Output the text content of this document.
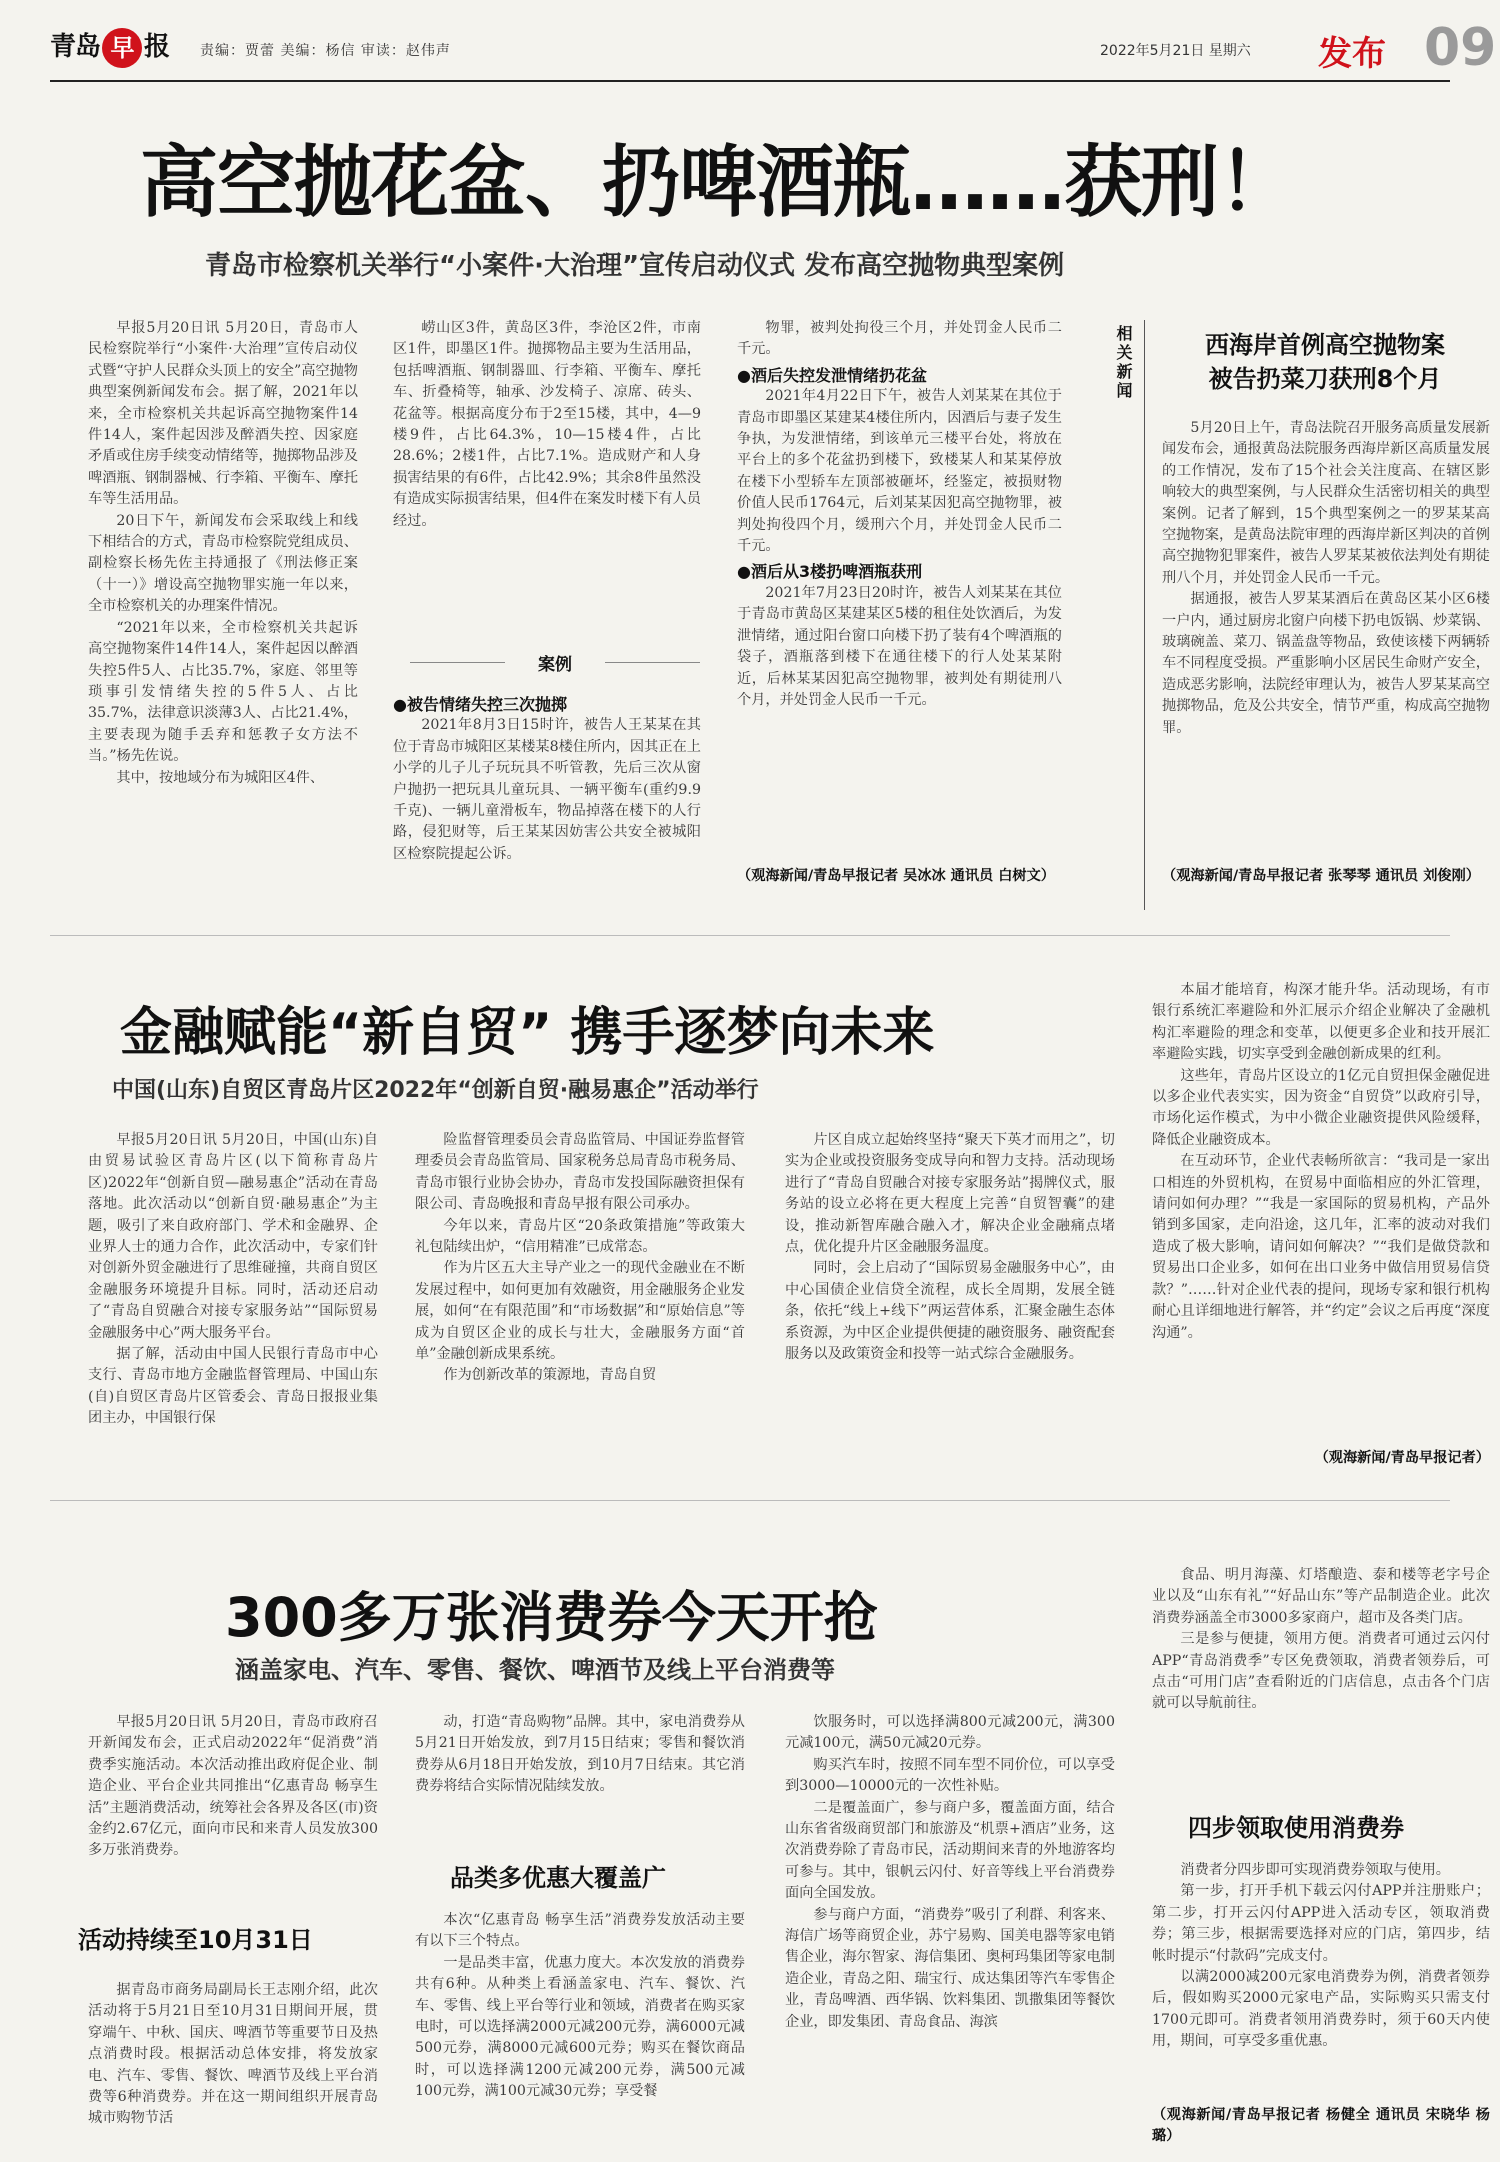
青岛 早 报 责编：贾蕾 美编：杨信 审读：赵伟声	2022年5月21日 星期六 发布 09
高空抛花盆、扔啤酒瓶……获刑！
青岛市检察机关举行“小案件·大治理”宣传启动仪式 发布高空抛物典型案例

早报5月20日讯 5月20日，青岛市人民检察院举行“小案件·大治理”宣传启动仪式暨“守护人民群众头顶上的安全”高空抛物典型案例新闻发布会。据了解，2021年以来，全市检察机关共起诉高空抛物案件14件14人，案件起因涉及醉酒失控、因家庭矛盾或住房手续变动情绪等，抛掷物品涉及啤酒瓶、钢制器械、行李箱、平衡车、摩托车等生活用品。

20日下午，新闻发布会采取线上和线下相结合的方式，青岛市检察院党组成员、副检察长杨先佐主持通报了《刑法修正案（十一）》增设高空抛物罪实施一年以来，全市检察机关的办理案件情况。

“2021年以来，全市检察机关共起诉高空抛物案件14件14人，案件起因以醉酒失控5件5人、占比35.7%，家庭、邻里等琐事引发情绪失控的5件5人、占比35.7%，法律意识淡薄3人、占比21.4%，主要表现为随手丢弃和惩教子女方法不当。”杨先佐说。

其中，按地域分布为城阳区4件、

崂山区3件，黄岛区3件，李沧区2件，市南区1件，即墨区1件。抛掷物品主要为生活用品，包括啤酒瓶、钢制器皿、行李箱、平衡车、摩托车、折叠椅等，轴承、沙发椅子、凉席、砖头、花盆等。根据高度分布于2至15楼，其中，4—9楼9件，占比64.3%，10—15楼4件，占比28.6%；2楼1件，占比7.1%。造成财产和人身损害结果的有6件，占比42.9%；其余8件虽然没有造成实际损害结果，但4件在案发时楼下有人员经过。

案例

●被告情绪失控三次抛掷

2021年8月3日15时许，被告人王某某在其位于青岛市城阳区某楼某8楼住所内，因其正在上小学的儿子儿子玩玩具不听管教，先后三次从窗户抛扔一把玩具儿童玩具、一辆平衡车(重约9.9千克)、一辆儿童滑板车，物品掉落在楼下的人行路，侵犯财等，后王某某因妨害公共安全被城阳区检察院提起公诉。

物罪，被判处拘役三个月，并处罚金人民币二千元。

●酒后失控发泄情绪扔花盆

2021年4月22日下午，被告人刘某某在其位于青岛市即墨区某建某4楼住所内，因酒后与妻子发生争执，为发泄情绪，到该单元三楼平台处，将放在平台上的多个花盆扔到楼下，致楼某人和某某停放在楼下小型轿车左顶部被砸坏，经鉴定，被损财物价值人民币1764元，后刘某某因犯高空抛物罪，被判处拘役四个月，缓刑六个月，并处罚金人民币二千元。

●酒后从3楼扔啤酒瓶获刑

2021年7月23日20时许，被告人刘某某在其位于青岛市黄岛区某建某区5楼的租住处饮酒后，为发泄情绪，通过阳台窗口向楼下扔了装有4个啤酒瓶的袋子，酒瓶落到楼下在通往楼下的行人处某某附近，后林某某因犯高空抛物罪，被判处有期徒刑八个月，并处罚金人民币一千元。

（观海新闻/青岛早报记者 吴冰冰 通讯员 白树文）
相关新闻	西海岸首例高空抛物案
被告扔菜刀获刑8个月

5月20日上午，青岛法院召开服务高质量发展新闻发布会，通报黄岛法院服务西海岸新区高质量发展的工作情况，发布了15个社会关注度高、在辖区影响较大的典型案例，与人民群众生活密切相关的典型案例。记者了解到，15个典型案例之一的罗某某高空抛物案，是黄岛法院审理的西海岸新区判决的首例高空抛物犯罪案件，被告人罗某某被依法判处有期徒刑八个月，并处罚金人民币一千元。

据通报，被告人罗某某酒后在黄岛区某小区6楼一户内，通过厨房北窗户向楼下扔电饭锅、炒菜锅、玻璃碗盖、菜刀、锅盖盘等物品，致使该楼下两辆轿车不同程度受损。严重影响小区居民生命财产安全，造成恶劣影响，法院经审理认为，被告人罗某某高空抛掷物品，危及公共安全，情节严重，构成高空抛物罪。

（观海新闻/青岛早报记者 张琴琴 通讯员 刘俊刚）
金融赋能“新自贸” 携手逐梦向未来
中国(山东)自贸区青岛片区2022年“创新自贸·融易惠企”活动举行

早报5月20日讯 5月20日，中国(山东)自由贸易试验区青岛片区(以下简称青岛片区)2022年“创新自贸—融易惠企”活动在青岛落地。此次活动以“创新自贸·融易惠企”为主题，吸引了来自政府部门、学术和金融界、企业界人士的通力合作，此次活动中，专家们针对创新外贸金融进行了思维碰撞，共商自贸区金融服务环境提升目标。同时，活动还启动了“青岛自贸融合对接专家服务站”“国际贸易金融服务中心”两大服务平台。

据了解，活动由中国人民银行青岛市中心支行、青岛市地方金融监督管理局、中国山东(自)自贸区青岛片区管委会、青岛日报报业集团主办，中国银行保

险监督管理委员会青岛监管局、中国证券监督管理委员会青岛监管局、国家税务总局青岛市税务局、青岛市银行业协会协办，青岛市发投国际融资担保有限公司、青岛晚报和青岛早报有限公司承办。

今年以来，青岛片区“20条政策措施”等政策大礼包陆续出炉，“信用精准”已成常态。

作为片区五大主导产业之一的现代金融业在不断发展过程中，如何更加有效融资，用金融服务企业发展，如何“在有限范围”和“市场数据”和“原始信息”等成为自贸区企业的成长与壮大，金融服务方面“首单”金融创新成果系统。

作为创新改革的策源地，青岛自贸

片区自成立起始终坚持“聚天下英才而用之”，切实为企业或投资服务变成导向和智力支持。活动现场进行了“青岛自贸融合对接专家服务站”揭牌仪式，服务站的设立必将在更大程度上完善“自贸智囊”的建设，推动新智库融合融入才，解决企业金融痛点堵点，优化提升片区金融服务温度。

同时，会上启动了“国际贸易金融服务中心”，由中心国债企业信贷全流程，成长全周期，发展全链条，依托“线上+线下”两运营体系，汇聚金融生态体系资源，为中区企业提供便捷的融资服务、融资配套服务以及政策资金和投等一站式综合金融服务。

本届才能培育，构深才能升华。活动现场，有市银行系统汇率避险和外汇展示介绍企业解决了金融机构汇率避险的理念和变革，以便更多企业和技开展汇率避险实践，切实享受到金融创新成果的红利。

这些年，青岛片区设立的1亿元自贸担保金融促进以多企业代表实实，因为资金“自贸贷”以政府引导，市场化运作模式，为中小微企业融资提供风险缓释，降低企业融资成本。

在互动环节，企业代表畅所欲言：“我司是一家出口相连的外贸机构，在贸易中面临相应的外汇管理，请问如何办理？”“我是一家国际的贸易机构，产品外销到多国家，走向沿途，这几年，汇率的波动对我们造成了极大影响，请问如何解决？”“我们是做贷款和贸易出口企业多，如何在出口业务中做信用贸易信贷款？”……针对企业代表的提问，现场专家和银行机构耐心且详细地进行解答，并“约定”会议之后再度“深度沟通”。

（观海新闻/青岛早报记者）
300多万张消费券今天开抢
涵盖家电、汽车、零售、餐饮、啤酒节及线上平台消费等

早报5月20日讯 5月20日，青岛市政府召开新闻发布会，正式启动2022年“促消费”消费季实施活动。本次活动推出政府促企业、制造企业、平台企业共同推出“亿惠青岛 畅享生活”主题消费活动，统筹社会各界及各区(市)资金约2.67亿元，面向市民和来青人员发放300多万张消费券。

活动持续至10月31日

据青岛市商务局副局长王志刚介绍，此次活动将于5月21日至10月31日期间开展，贯穿端午、中秋、国庆、啤酒节等重要节日及热点消费时段。根据活动总体安排，将发放家电、汽车、零售、餐饮、啤酒节及线上平台消费等6种消费券。并在这一期间组织开展青岛城市购物节活

动，打造“青岛购物”品牌。其中，家电消费券从5月21日开始发放，到7月15日结束；零售和餐饮消费券从6月18日开始发放，到10月7日结束。其它消费券将结合实际情况陆续发放。

品类多优惠大覆盖广

本次“亿惠青岛 畅享生活”消费券发放活动主要有以下三个特点。

一是品类丰富，优惠力度大。本次发放的消费券共有6种。从种类上看涵盖家电、汽车、餐饮、汽车、零售、线上平台等行业和领域，消费者在购买家电时，可以选择满2000元减200元券，满6000元减500元券，满8000元减600元券；购买在餐饮商品时，可以选择满1200元减200元券，满500元减100元券，满100元减30元券；享受餐

饮服务时，可以选择满800元减200元，满300元减100元，满50元减20元券。

购买汽车时，按照不同车型不同价位，可以享受到3000—10000元的一次性补贴。

二是覆盖面广，参与商户多，覆盖面方面，结合山东省省级商贸部门和旅游及“机票+酒店”业务，这次消费券除了青岛市民，活动期间来青的外地游客均可参与。其中，银帆云闪付、好音等线上平台消费券面向全国发放。

参与商户方面，“消费券”吸引了利群、利客来、海信广场等商贸企业，苏宁易购、国美电器等家电销售企业，海尔智家、海信集团、奥柯玛集团等家电制造企业，青岛之阳、瑞宝行、成达集团等汽车零售企业，青岛啤酒、西华锅、饮料集团、凯撒集团等餐饮企业，即发集团、青岛食品、海滨

食品、明月海藻、灯塔酿造、泰和楼等老字号企业以及“山东有礼”“好品山东”等产品制造企业。此次消费券涵盖全市3000多家商户，超市及各类门店。

三是参与便捷，领用方便。消费者可通过云闪付APP“青岛消费季”专区免费领取，消费者领券后，可点击“可用门店”查看附近的门店信息，点击各个门店就可以导航前往。

四步领取使用消费券

消费者分四步即可实现消费券领取与使用。

第一步，打开手机下载云闪付APP并注册账户；第二步，打开云闪付APP进入活动专区，领取消费券；第三步，根据需要选择对应的门店，第四步，结帐时提示“付款码”完成支付。

以满2000减200元家电消费券为例，消费者领券后，假如购买2000元家电产品，实际购买只需支付1700元即可。消费者领用消费券时，须于60天内使用，期间，可享受多重优惠。

（观海新闻/青岛早报记者 杨健全 通讯员 宋晓华 杨璐）
